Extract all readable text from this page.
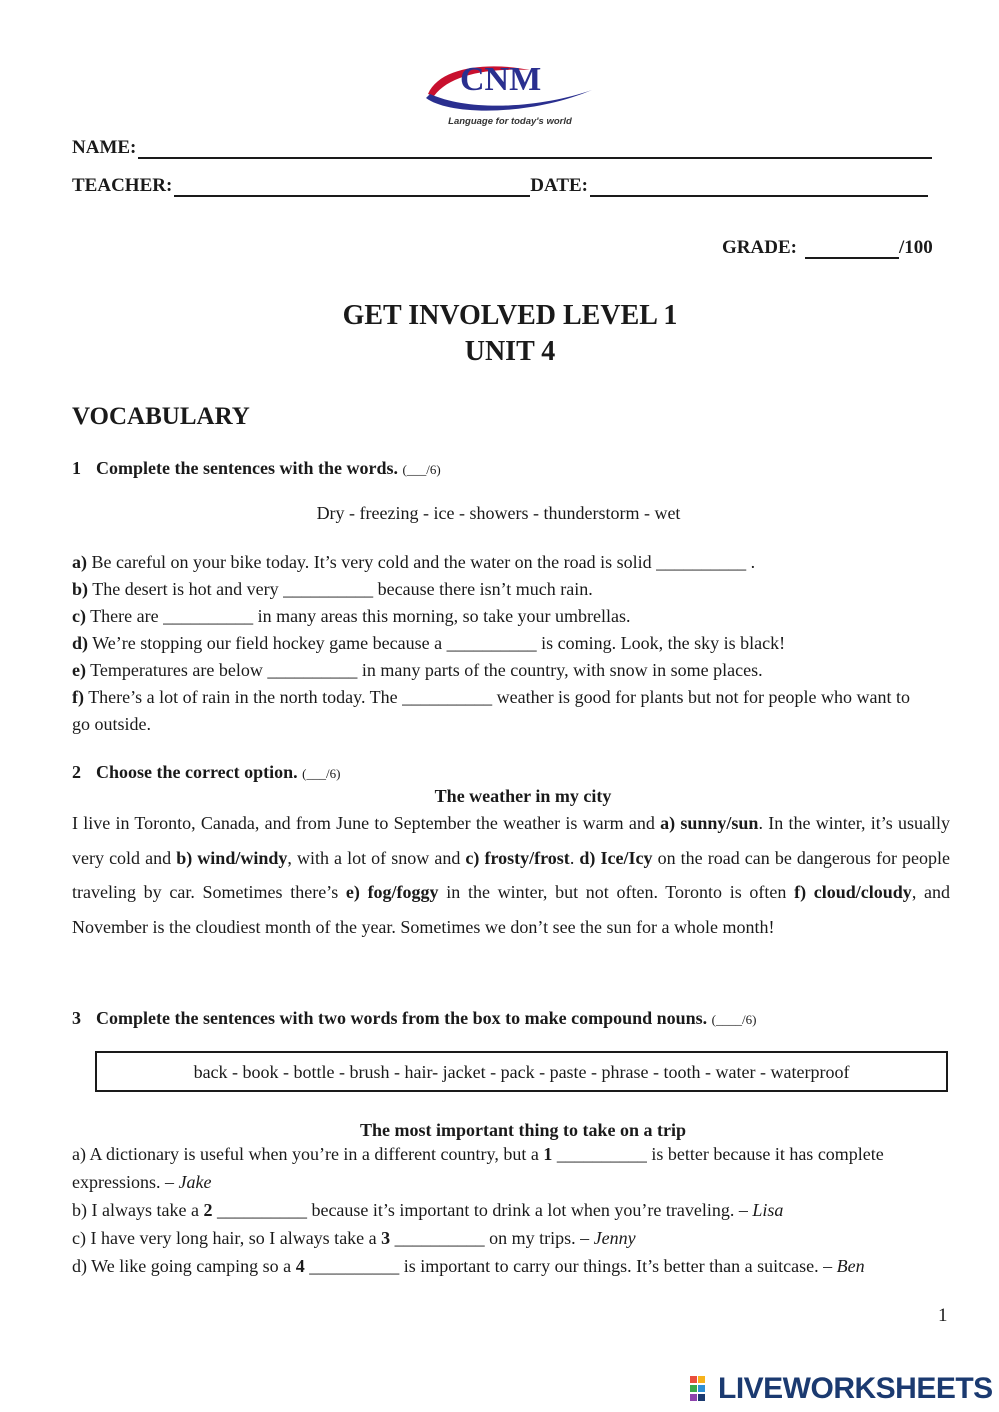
CNM
Language for today's world
NAME:
TEACHER:	DATE:
GRADE:	/100
GET INVOLVED LEVEL 1
UNIT 4
VOCABULARY
1 Complete the sentences with the words. (___/6)
Dry - freezing - ice - showers - thunderstorm - wet

a) Be careful on your bike today. It’s very cold and the water on the road is solid __________ .

b) The desert is hot and very __________ because there isn’t much rain.

c) There are __________ in many areas this morning, so take your umbrellas.

d) We’re stopping our field hockey game because a __________ is coming. Look, the sky is black!

e) Temperatures are below __________ in many parts of the country, with snow in some places.

f) There’s a lot of rain in the north today. The __________ weather is good for plants but not for people who want to go outside.

2 Choose the correct option. (___/6)
The weather in my city
I live in Toronto, Canada, and from June to September the weather is warm and a) sunny/sun. In the winter, it’s usually very cold and b) wind/windy, with a lot of snow and c) frosty/frost. d) Ice/Icy on the road can be dangerous for people traveling by car. Sometimes there’s e) fog/foggy in the winter, but not often. Toronto is often f) cloud/cloudy, and November is the cloudiest month of the year. Sometimes we don’t see the sun for a whole month!
3 Complete the sentences with two words from the box to make compound nouns. (____/6)
back - book - bottle - brush - hair- jacket - pack - paste - phrase - tooth - water - waterproof
The most important thing to take on a trip

a) A dictionary is useful when you’re in a different country, but a 1 __________ is better because it has complete expressions. – Jake

b) I always take a 2 __________ because it’s important to drink a lot when you’re traveling. – Lisa

c) I have very long hair, so I always take a 3 __________ on my trips. – Jenny

d) We like going camping so a 4 __________ is important to carry our things. It’s better than a suitcase. – Ben

1
LIVEWORKSHEETS
